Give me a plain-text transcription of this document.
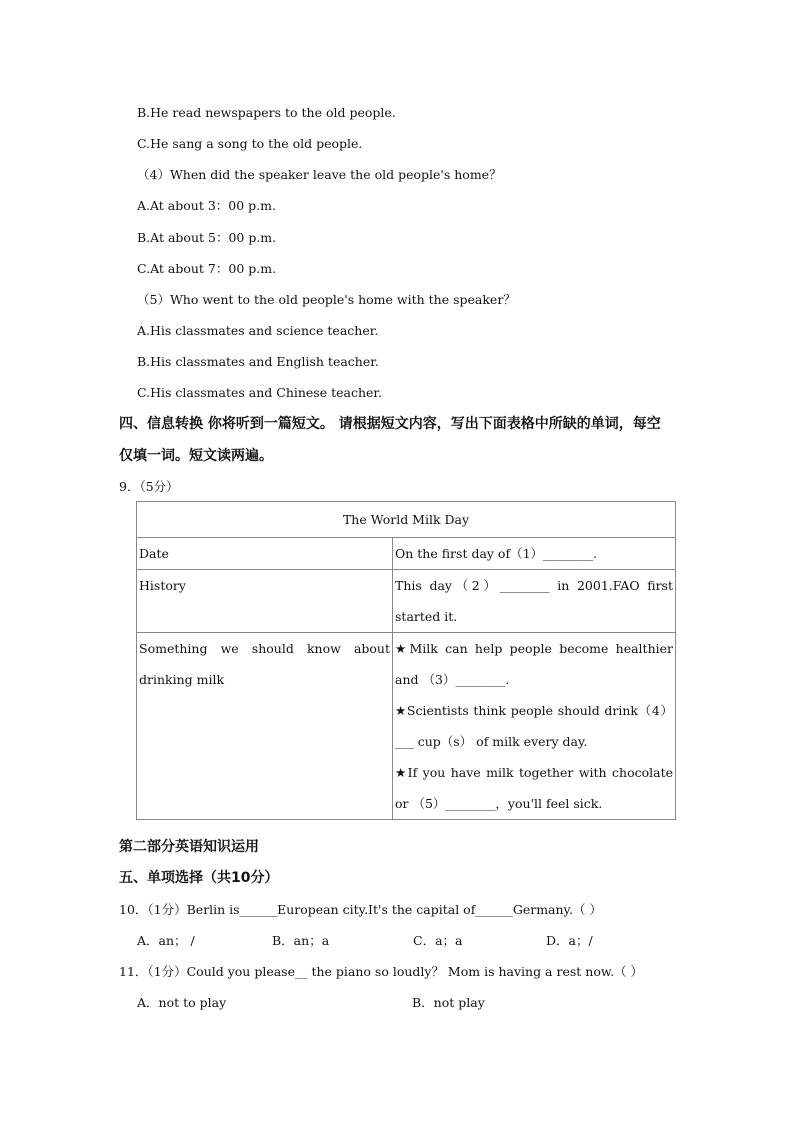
B.He read newspapers to the old people.
C.He sang a song to the old people.
（4）When did the speaker leave the old people's home？
A.At about 3：00 p.m.
B.At about 5：00 p.m.
C.At about 7：00 p.m.
（5）Who went to the old people's home with the speaker？
A.His classmates and science teacher.
B.His classmates and English teacher.
C.His classmates and Chinese teacher.
四、信息转换 你将听到一篇短文。 请根据短文内容，写出下面表格中所缺的单词，每空
仅填一词。短文读两遍。
9．（5分）
The World Milk Day	
Date	On the first day of（1）________.

History	This day（2）________ in 2001.FAO first started it.

Something we should know about drinking milk	★Milk can help people become healthier and （3）________.

★Scientists think people should drink（4）___ cup（s） of milk every day.

★If you have milk together with chocolate or （5）________，you'll feel sick.

第二部分英语知识运用
五、单项选择（共10分）
10．（1分）Berlin is______European city.It's the capital of______Germany.（ ）
A．an； /	B．an；a	C．a；a	D．a；/
11．（1分）Could you please__ the piano so loudly？ Mom is having a rest now.（ ）
A．not to play	B．not play
